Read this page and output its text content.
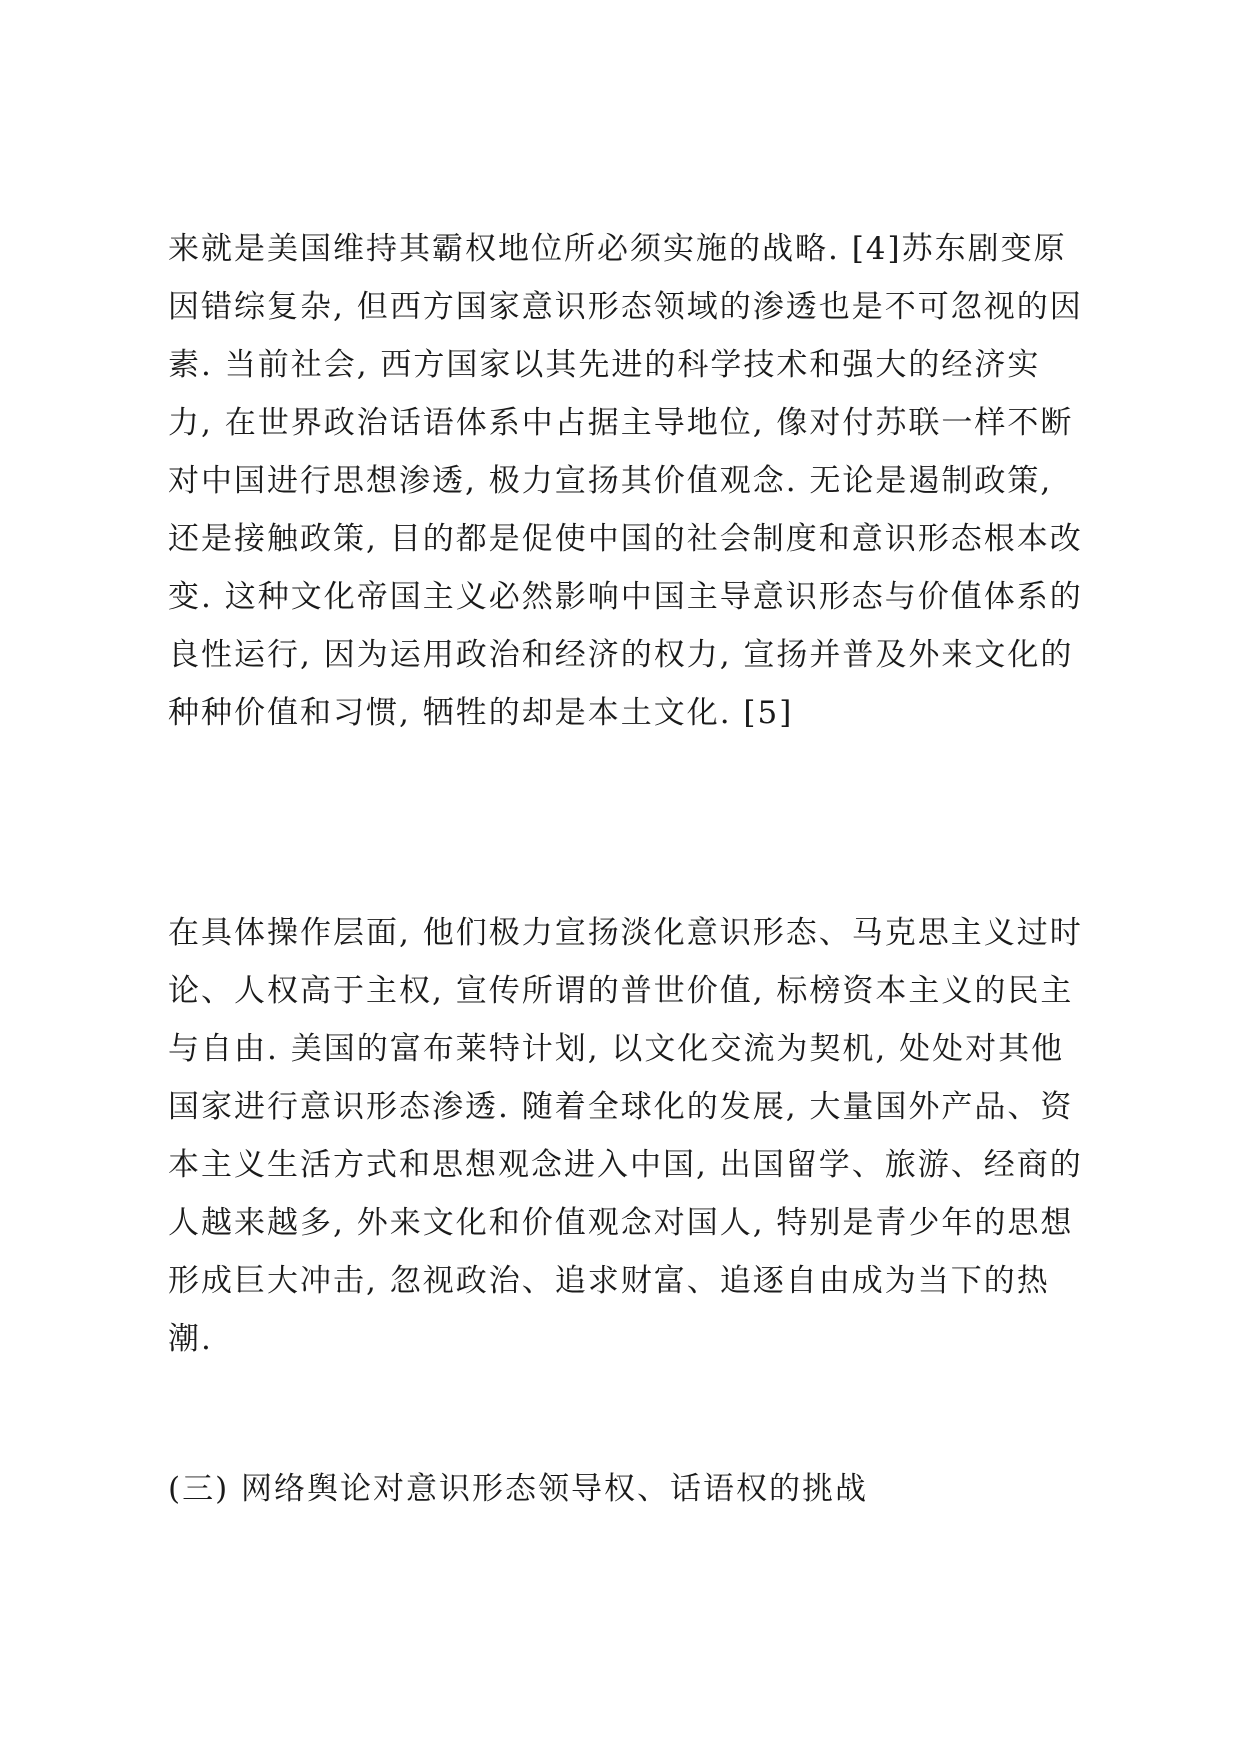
来就是美国维持其霸权地位所必须实施的战略. [4]苏东剧变原
因错综复杂, 但西方国家意识形态领域的渗透也是不可忽视的因
素. 当前社会, 西方国家以其先进的科学技术和强大的经济实
力, 在世界政治话语体系中占据主导地位, 像对付苏联一样不断
对中国进行思想渗透, 极力宣扬其价值观念. 无论是遏制政策,
还是接触政策, 目的都是促使中国的社会制度和意识形态根本改
变. 这种文化帝国主义必然影响中国主导意识形态与价值体系的
良性运行, 因为运用政治和经济的权力, 宣扬并普及外来文化的
种种价值和习惯, 牺牲的却是本土文化. [5]
在具体操作层面, 他们极力宣扬淡化意识形态、马克思主义过时
论、人权高于主权, 宣传所谓的普世价值, 标榜资本主义的民主
与自由. 美国的富布莱特计划, 以文化交流为契机, 处处对其他
国家进行意识形态渗透. 随着全球化的发展, 大量国外产品、资
本主义生活方式和思想观念进入中国, 出国留学、旅游、经商的
人越来越多, 外来文化和价值观念对国人, 特别是青少年的思想
形成巨大冲击, 忽视政治、追求财富、追逐自由成为当下的热
潮.
(三) 网络舆论对意识形态领导权、话语权的挑战
